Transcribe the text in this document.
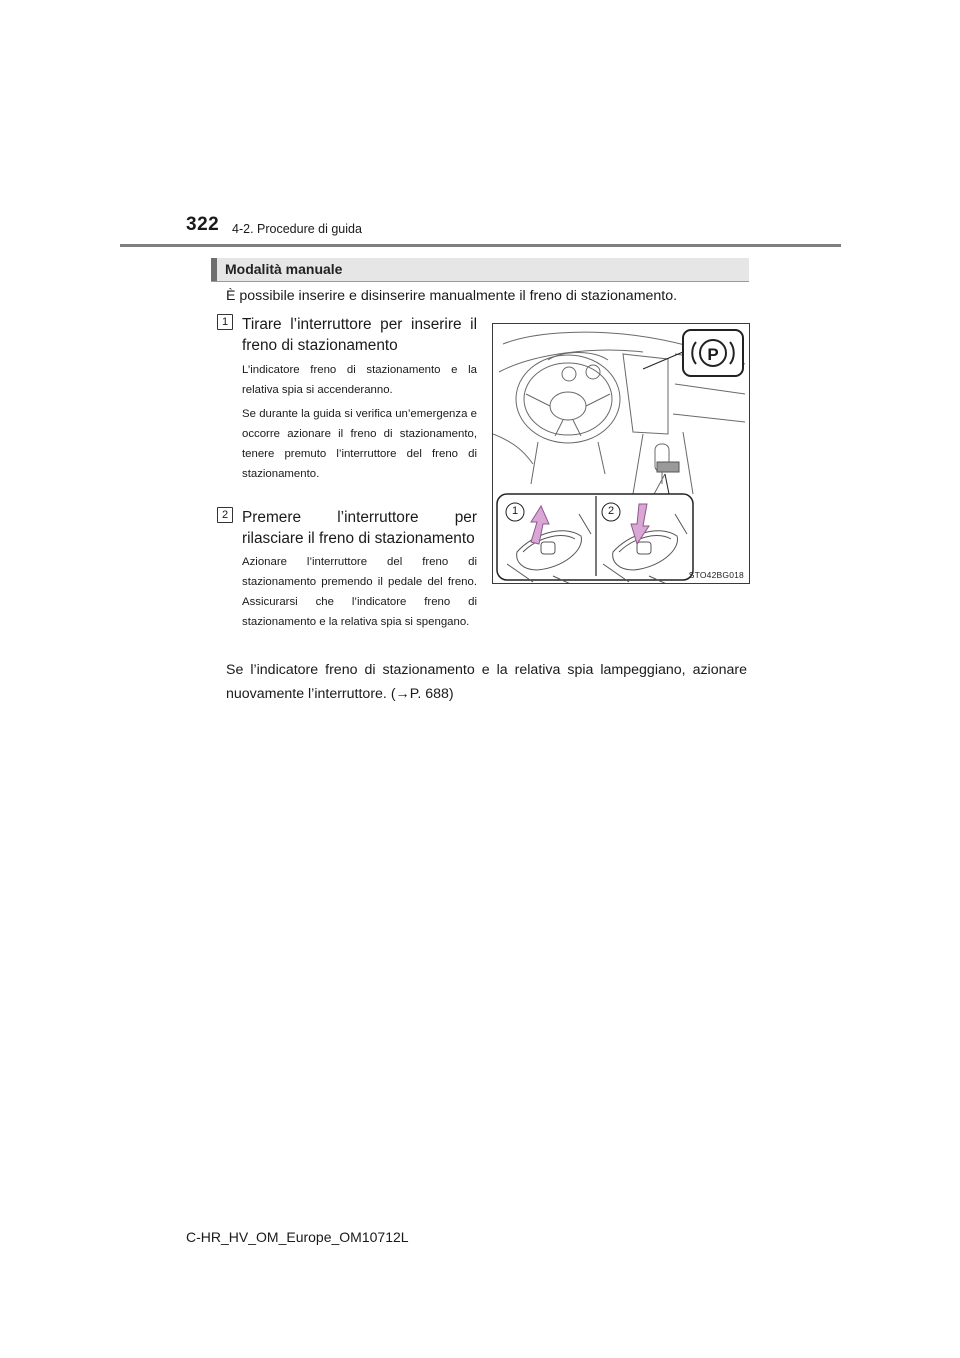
322 4-2. Procedure di guida
Modalità manuale
È possibile inserire e disinserire manualmente il freno di stazionamento.
1 Tirare l’interruttore per inserire il freno di stazionamento
L’indicatore freno di stazionamento e la relativa spia si accenderanno.
Se durante la guida si verifica un’emergenza e occorre azionare il freno di stazionamento, tenere premuto l’interruttore del freno di stazionamento.
2 Premere l’interruttore per rilasciare il freno di stazionamento
Azionare l’interruttore del freno di stazionamento premendo il pedale del freno. Assicurarsi che l’indicatore freno di stazionamento e la relativa spia si spengano.
P
1	2
STO42BG018
Se l’indicatore freno di stazionamento e la relativa spia lampeggiano, azionare nuovamente l’interruttore. (→P. 688)
C-HR_HV_OM_Europe_OM10712L
